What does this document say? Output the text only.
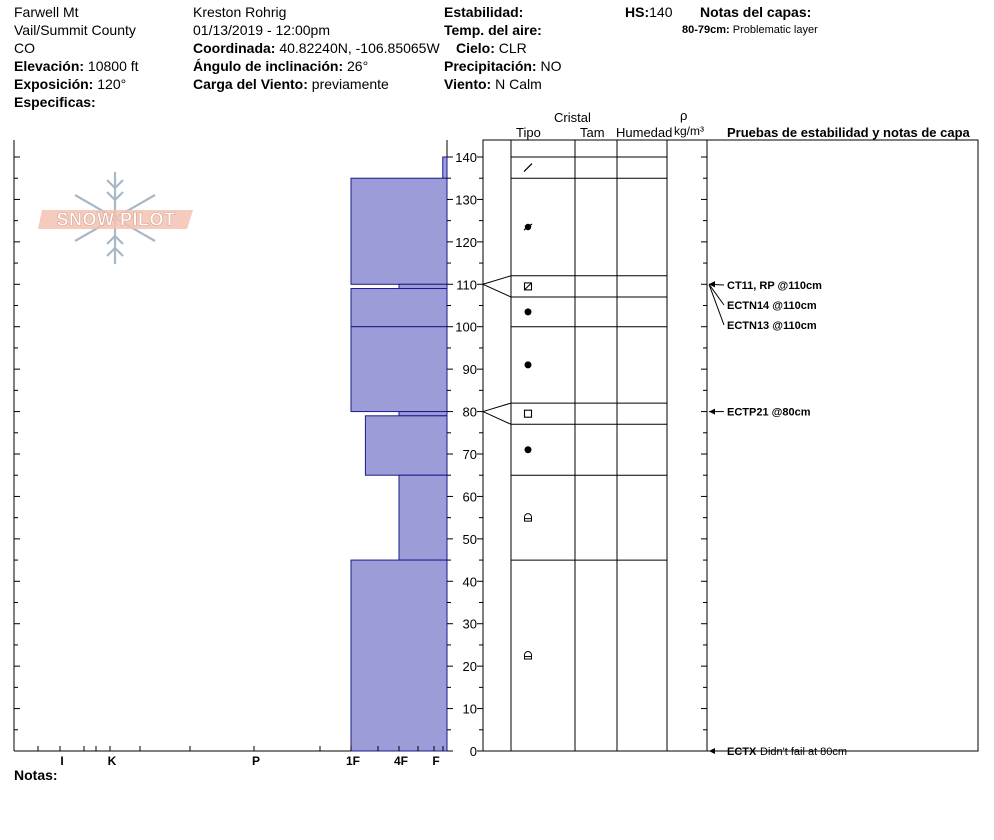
Farwell Mt
Vail/Summit County
CO
Elevación: 10800 ft
Exposición: 120°
Especificas:
Kreston Rohrig
01/13/2019 - 12:00pm
Coordinada: 40.82240N, -106.85065W
Ángulo de inclinación: 26°
Carga del Viento: previamente
Estabilidad:
Temp. del aire:
Cielo: CLR
Precipitación: NO
Viento: N Calm
HS:140 Notas del capas:
80-79cm: Problematic layer
Cristal
Tipo	Tam Humedad
ρ
kg/m³ Pruebas de estabilidad y notas de capa
SNOW PILOT
0
10
20
30
40
50
60
70
80
90
100
110
120
130
140
I	K	P	1F	4F F
CT11, RP @110cm
ECTN14 @110cm
ECTN13 @110cm
ECTP21 @80cm
ECTX Didn't fail at 80cm
Notas:
